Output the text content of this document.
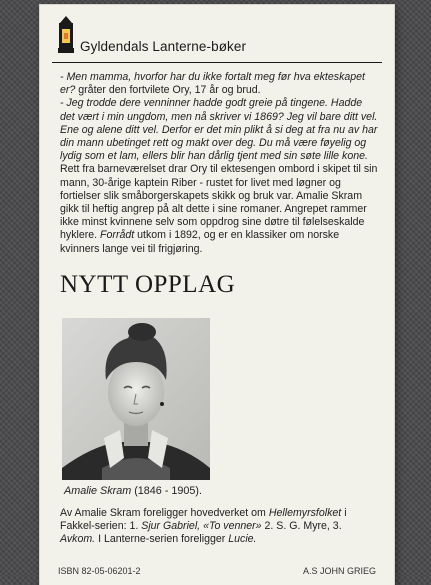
Gyldendals Lanterne-bøker

- Men mamma, hvorfor har du ikke fortalt meg før hva ekteskapet er? gråter den fortvilete Ory, 17 år og brud.

- Jeg trodde dere venninner hadde godt greie på tingene. Hadde det vært i min ungdom, men nå skriver vi 1869? Jeg vil bare ditt vel. Ene og alene ditt vel. Derfor er det min plikt å si deg at fra nu av har din mann ubetinget rett og makt over deg. Du må være føyelig og lydig som et lam, ellers blir han dårlig tjent med sin søte lille kone.

Rett fra barneværelset drar Ory til ektesengen ombord i skipet til sin mann, 30-årige kaptein Riber - rustet for livet med løgner og fortielser slik småborgerskapets skikk og bruk var. Amalie Skram gikk til heftig angrep på alt dette i sine romaner. Angrepet rammer ikke minst kvinnene selv som oppdrog sine døtre til følelseskalde hyklere. Forrådt utkom i 1892, og er en klassiker om norske kvinners lange vei til frigjøring.

NYTT OPPLAG
Amalie Skram (1846 - 1905).
Av Amalie Skram foreligger hovedverket om Hellemyrsfolket i Fakkel-serien: 1. Sjur Gabriel, «To venner» 2. S. G. Myre, 3. Avkom. I Lanterne-serien foreligger Lucie.
ISBN 82-05-06201-2	A.S JOHN GRIEG
